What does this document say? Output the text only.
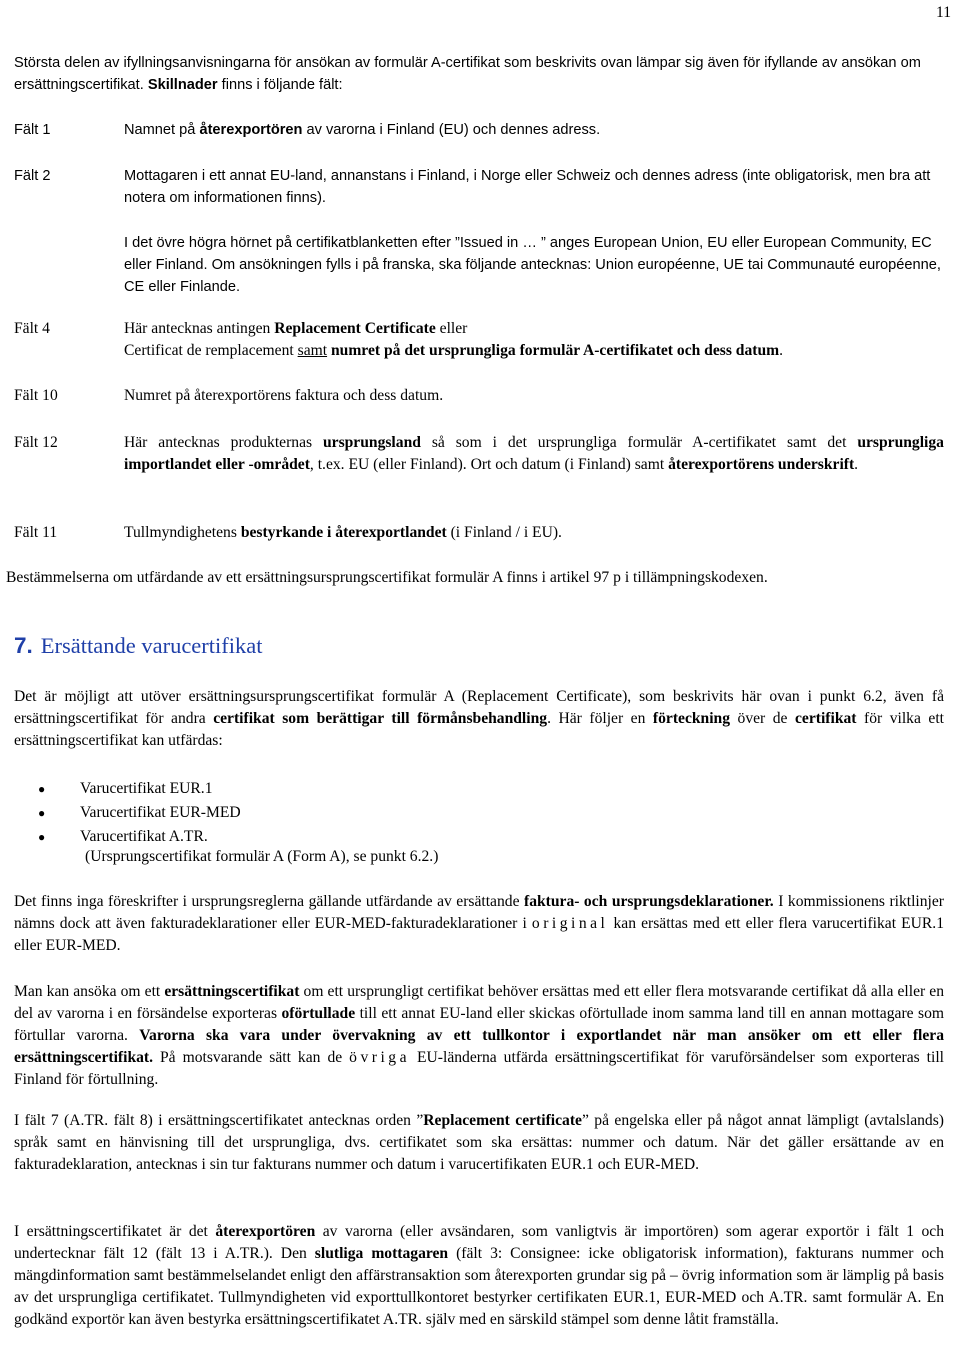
11

Största delen av ifyllningsanvisningarna för ansökan av formulär A-certifikat som beskrivits ovan lämpar sig även för ifyllande av ansökan om ersättningscertifikat. Skillnader finns i följande fält:

Fält 1	Namnet på återexportören av varorna i Finland (EU) och dennes adress.

Fält 2	Mottagaren i ett annat EU-land, annanstans i Finland, i Norge eller Schweiz och dennes adress (inte obligatorisk, men bra att notera om informationen finns).

I det övre högra hörnet på certifikatblanketten efter ”Issued in … ” anges European Union, EU eller European Community, EC eller Finland. Om ansökningen fylls i på franska, ska följande antecknas: Union européenne, UE tai Communauté européenne, CE eller Finlande.

Fält 4	Här antecknas antingen Replacement Certificate eller
Certificat de remplacement samt numret på det ursprungliga formulär A-certifikatet och dess datum.

Fält 10	Numret på återexportörens faktura och dess datum.

Fält 12	Här antecknas produkternas ursprungsland så som i det ursprungliga formulär A-certifikatet samt det ursprungliga importlandet eller -området, t.ex. EU (eller Finland). Ort och datum (i Finland) samt återexportörens underskrift.

Fält 11	Tullmyndighetens bestyrkande i återexportlandet (i Finland / i EU).

Bestämmelserna om utfärdande av ett ersättningsursprungscertifikat formulär A finns i artikel 97 p i tillämpningskodexen.

7. Ersättande varucertifikat

Det är möjligt att utöver ersättningsursprungscertifikat formulär A (Replacement Certificate), som beskrivits här ovan i punkt 6.2, även få ersättningscertifikat för andra certifikat som berättigar till förmånsbehandling. Här följer en förteckning över de certifikat för vilka ett ersättningscertifikat kan utfärdas:

● Varucertifikat EUR.1
● Varucertifikat EUR-MED
● Varucertifikat A.TR.

(Ursprungscertifikat formulär A (Form A), se punkt 6.2.)

Det finns inga föreskrifter i ursprungsreglerna gällande utfärdande av ersättande faktura- och ursprungsdeklarationer. I kommissionens riktlinjer nämns dock att även fakturadeklarationer eller EUR-MED-fakturadeklarationer i original kan ersättas med ett eller flera varucertifikat EUR.1 eller EUR-MED.

Man kan ansöka om ett ersättningscertifikat om ett ursprungligt certifikat behöver ersättas med ett eller flera motsvarande certifikat då alla eller en del av varorna i en försändelse exporteras oförtullade till ett annat EU-land eller skickas oförtullade inom samma land till en annan mottagare som förtullar varorna. Varorna ska vara under övervakning av ett tullkontor i exportlandet när man ansöker om ett eller flera ersättningscertifikat. På motsvarande sätt kan de övriga EU-länderna utfärda ersättningscertifikat för varuförsändelser som exporteras till Finland för förtullning.

I fält 7 (A.TR. fält 8) i ersättningscertifikatet antecknas orden ”Replacement certificate” på engelska eller på något annat lämpligt (avtalslands) språk samt en hänvisning till det ursprungliga, dvs. certifikatet som ska ersättas: nummer och datum. När det gäller ersättande av en fakturadeklaration, antecknas i sin tur fakturans nummer och datum i varucertifikaten EUR.1 och EUR-MED.

I ersättningscertifikatet är det återexportören av varorna (eller avsändaren, som vanligtvis är importören) som agerar exportör i fält 1 och undertecknar fält 12 (fält 13 i A.TR.). Den slutliga mottagaren (fält 3: Consignee: icke obligatorisk information), fakturans nummer och mängdinformation samt bestämmelselandet enligt den affärstransaktion som återexporten grundar sig på – övrig information som är lämplig på basis av det ursprungliga certifikatet. Tullmyndigheten vid exporttullkontoret bestyrker certifikaten EUR.1, EUR-MED och A.TR. samt formulär A. En godkänd exportör kan även bestyrka ersättningscertifikatet A.TR. själv med en särskild stämpel som denne låtit framställa.
